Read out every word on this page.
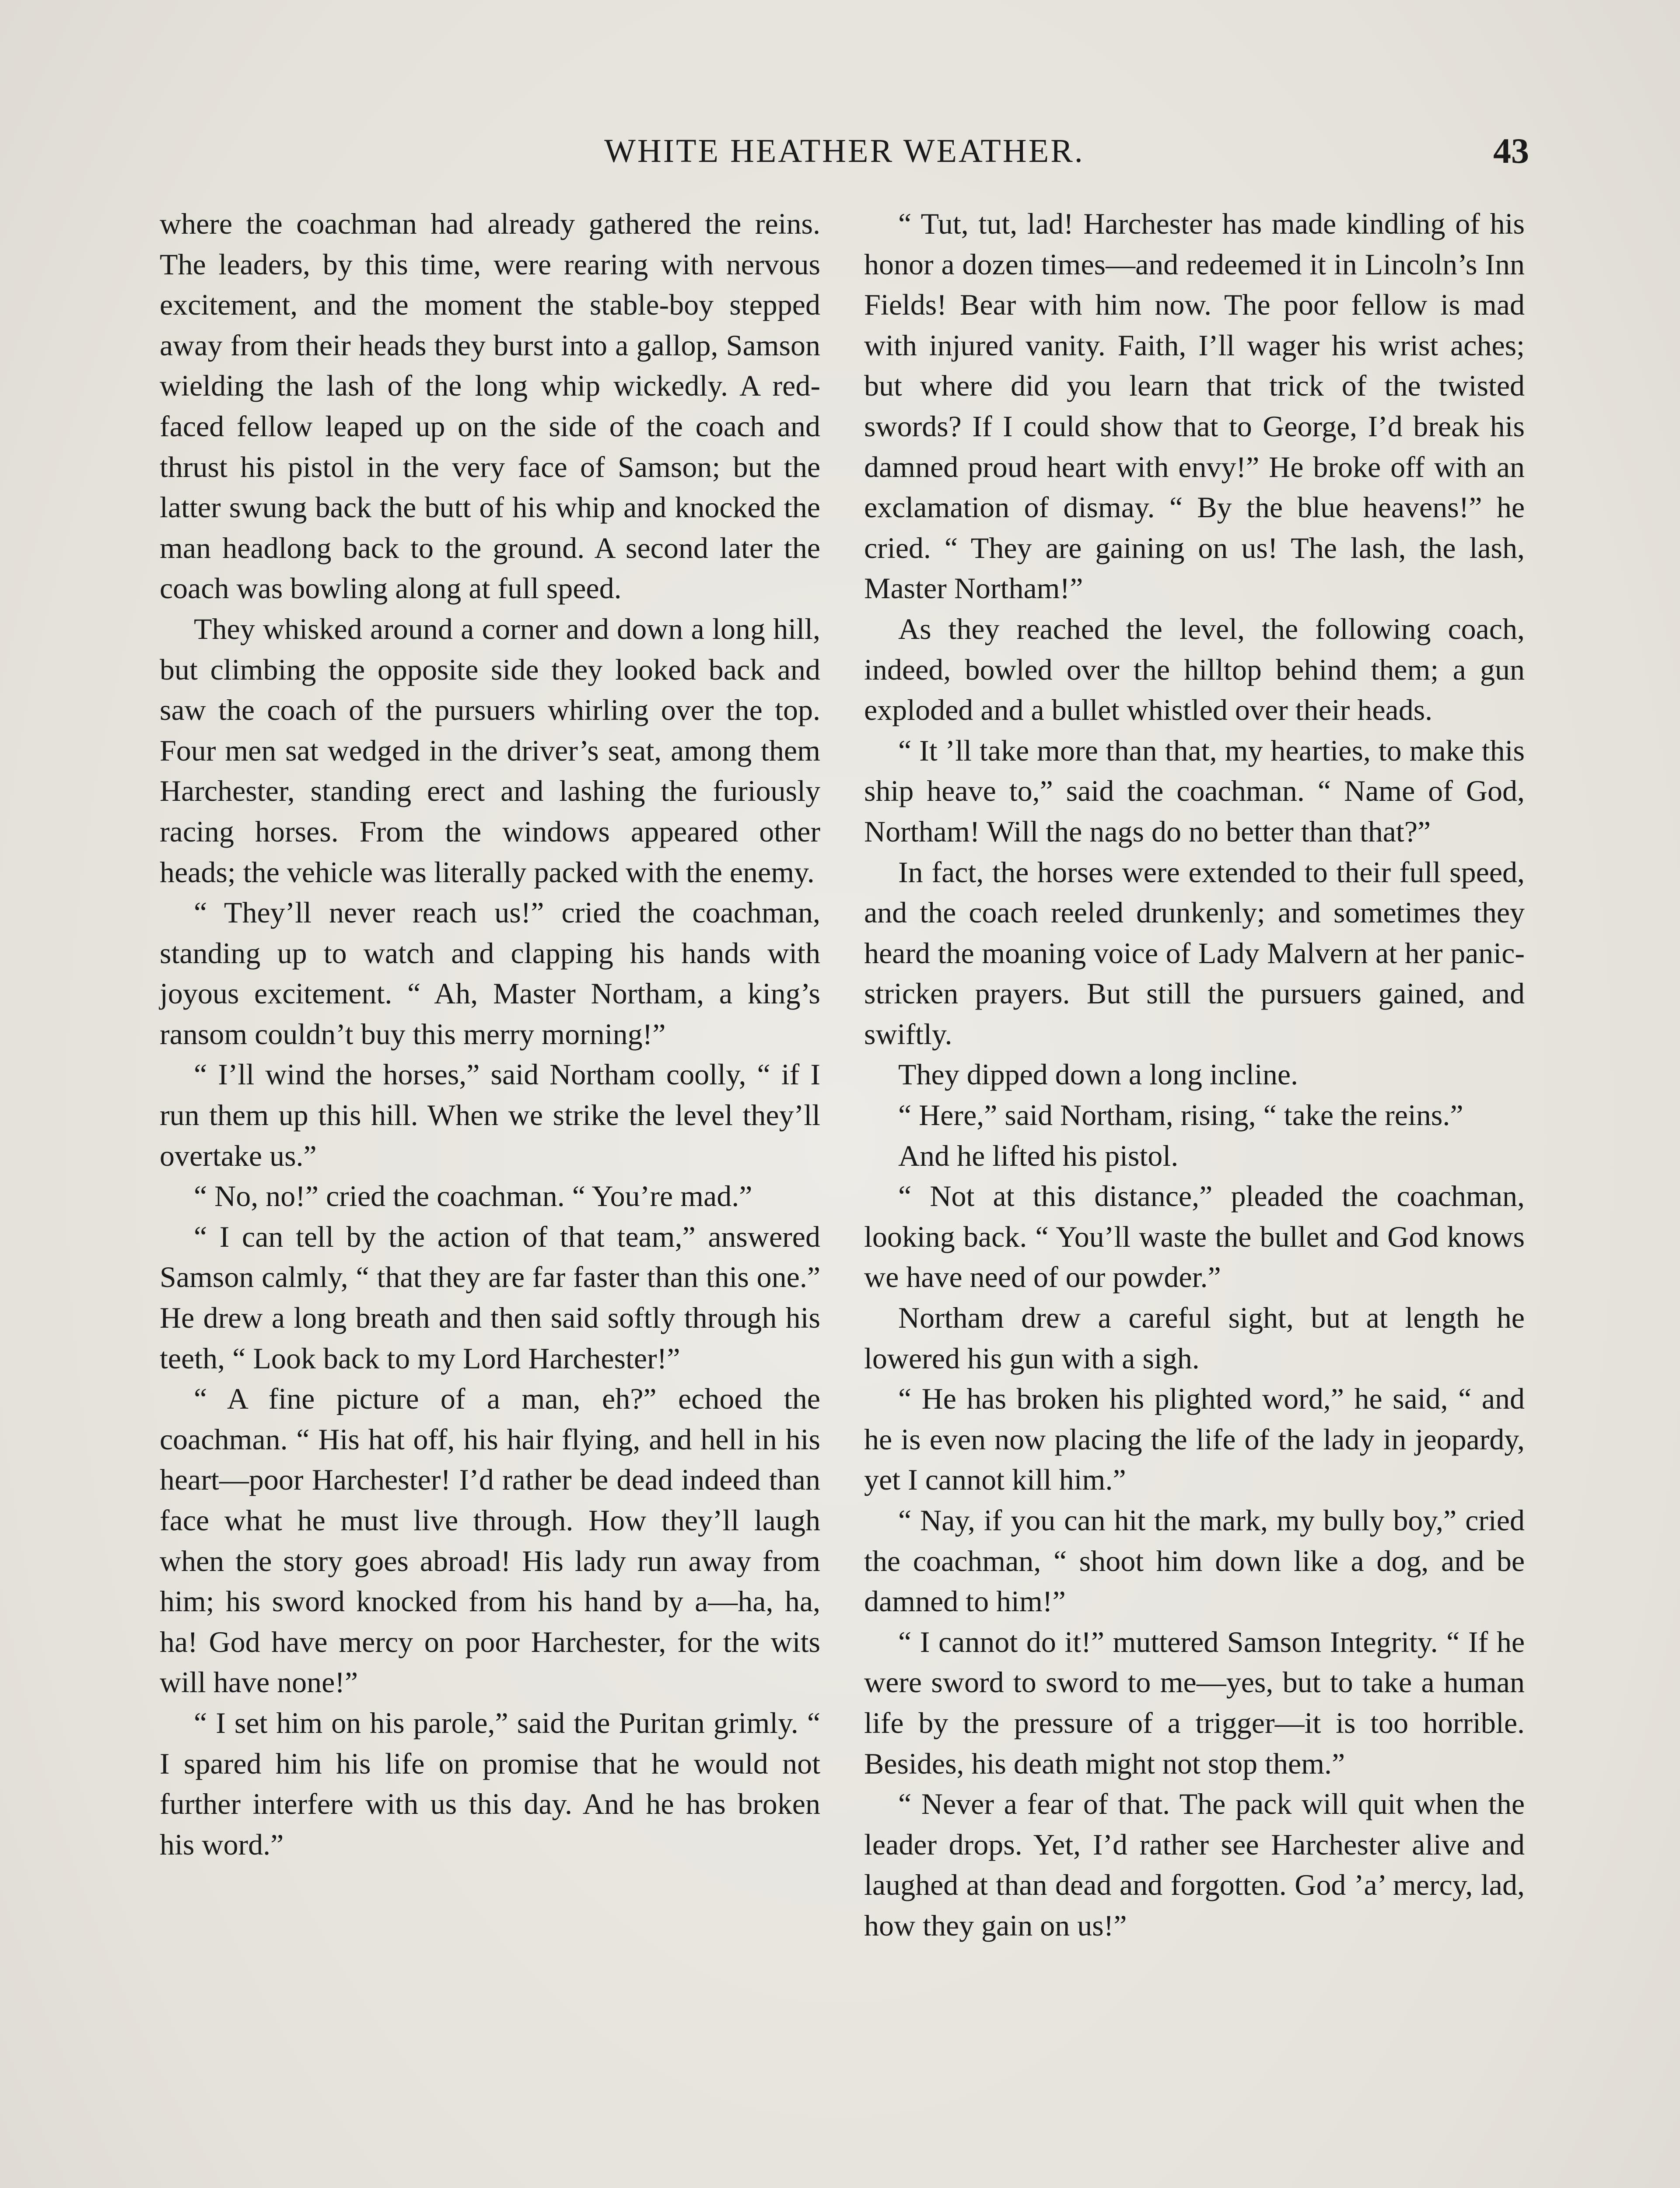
WHITE HEATHER WEATHER.	43

where the coachman had already gathered the reins. The leaders, by this time, were rearing with nervous excitement, and the moment the stable-boy stepped away from their heads they burst into a gallop, Samson wielding the lash of the long whip wickedly. A red-faced fellow leaped up on the side of the coach and thrust his pistol in the very face of Samson; but the latter swung back the butt of his whip and knocked the man headlong back to the ground. A second later the coach was bowling along at full speed.

They whisked around a corner and down a long hill, but climbing the opposite side they looked back and saw the coach of the pursuers whirling over the top. Four men sat wedged in the driver’s seat, among them Harchester, standing erect and lashing the furiously racing horses. From the windows appeared other heads; the vehicle was literally packed with the enemy.

“ They’ll never reach us!” cried the coachman, standing up to watch and clapping his hands with joyous excitement. “ Ah, Master Northam, a king’s ransom couldn’t buy this merry morning!”

“ I’ll wind the horses,” said Northam coolly, “ if I run them up this hill. When we strike the level they’ll overtake us.”

“ No, no!” cried the coachman. “ You’re mad.”

“ I can tell by the action of that team,” answered Samson calmly, “ that they are far faster than this one.” He drew a long breath and then said softly through his teeth, “ Look back to my Lord Harchester!”

“ A fine picture of a man, eh?” echoed the coachman. “ His hat off, his hair flying, and hell in his heart—poor Harchester! I’d rather be dead indeed than face what he must live through. How they’ll laugh when the story goes abroad! His lady run away from him; his sword knocked from his hand by a—ha, ha, ha! God have mercy on poor Harchester, for the wits will have none!”

“ I set him on his parole,” said the Puritan grimly. “ I spared him his life on promise that he would not further interfere with us this day. And he has broken his word.”

“ Tut, tut, lad! Harchester has made kindling of his honor a dozen times—and redeemed it in Lincoln’s Inn Fields! Bear with him now. The poor fellow is mad with injured vanity. Faith, I’ll wager his wrist aches; but where did you learn that trick of the twisted swords? If I could show that to George, I’d break his damned proud heart with envy!” He broke off with an exclamation of dismay. “ By the blue heavens!” he cried. “ They are gaining on us! The lash, the lash, Master Northam!”

As they reached the level, the following coach, indeed, bowled over the hilltop behind them; a gun exploded and a bullet whistled over their heads.

“ It ’ll take more than that, my hearties, to make this ship heave to,” said the coachman. “ Name of God, Northam! Will the nags do no better than that?”

In fact, the horses were extended to their full speed, and the coach reeled drunkenly; and sometimes they heard the moaning voice of Lady Malvern at her panic-stricken prayers. But still the pursuers gained, and swiftly.

They dipped down a long incline.

“ Here,” said Northam, rising, “ take the reins.”

And he lifted his pistol.

“ Not at this distance,” pleaded the coachman, looking back. “ You’ll waste the bullet and God knows we have need of our powder.”

Northam drew a careful sight, but at length he lowered his gun with a sigh.

“ He has broken his plighted word,” he said, “ and he is even now placing the life of the lady in jeopardy, yet I cannot kill him.”

“ Nay, if you can hit the mark, my bully boy,” cried the coachman, “ shoot him down like a dog, and be damned to him!”

“ I cannot do it!” muttered Samson Integrity. “ If he were sword to sword to me—yes, but to take a human life by the pressure of a trigger—it is too horrible. Besides, his death might not stop them.”

“ Never a fear of that. The pack will quit when the leader drops. Yet, I’d rather see Harchester alive and laughed at than dead and forgotten. God ’a’ mercy, lad, how they gain on us!”
